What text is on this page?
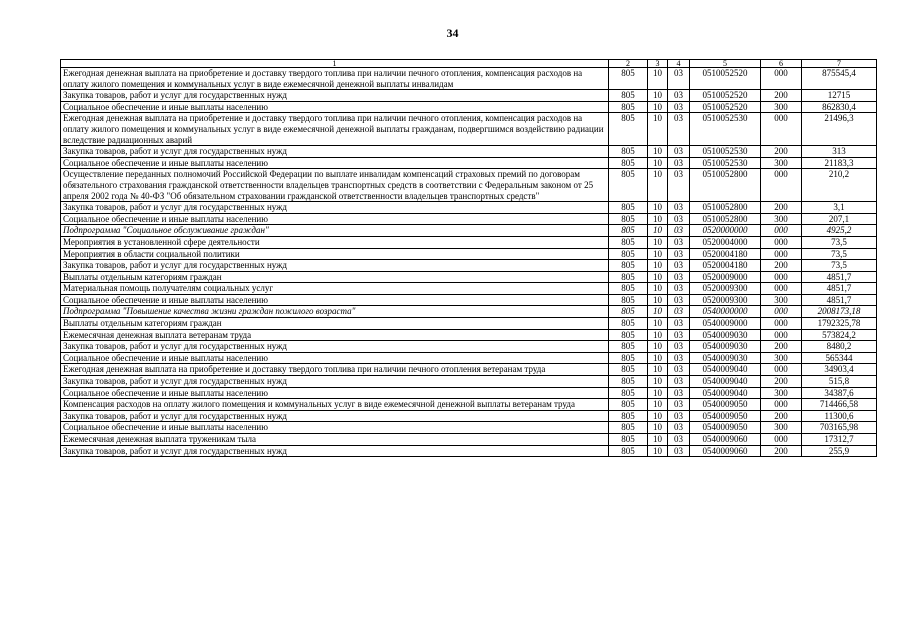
34
1	2	3	4	5	6	7
Ежегодная денежная выплата на приобретение и доставку твердого топлива при наличии печного отопления, компенсация расходов на оплату жилого помещения и коммунальных услуг в виде ежемесячной денежной выплаты инвалидам	805	10	03	0510052520	000	875545,4
Закупка товаров, работ и услуг для государственных нужд	805	10	03	0510052520	200	12715
Социальное обеспечение и иные выплаты населению	805	10	03	0510052520	300	862830,4
Ежегодная денежная выплата на приобретение и доставку твердого топлива при наличии печного отопления, компенсация расходов на оплату жилого помещения и коммунальных услуг в виде ежемесячной денежной выплаты гражданам, подвергшимся воздействию радиации вследствие радиационных аварий	805	10	03	0510052530	000	21496,3
Закупка товаров, работ и услуг для государственных нужд	805	10	03	0510052530	200	313
Социальное обеспечение и иные выплаты населению	805	10	03	0510052530	300	21183,3
Осуществление переданных полномочий Российской Федерации по выплате инвалидам компенсаций страховых премий по договорам обязательного страхования гражданской ответственности владельцев транспортных средств в соответствии с Федеральным законом от 25 апреля 2002 года № 40-ФЗ "Об обязательном страховании гражданской ответственности владельцев транспортных средств"	805	10	03	0510052800	000	210,2
Закупка товаров, работ и услуг для государственных нужд	805	10	03	0510052800	200	3,1
Социальное обеспечение и иные выплаты населению	805	10	03	0510052800	300	207,1
Подпрограмма "Социальное обслуживание граждан"	805	10	03	0520000000	000	4925,2
Мероприятия в установленной сфере деятельности	805	10	03	0520004000	000	73,5
Мероприятия в области социальной политики	805	10	03	0520004180	000	73,5
Закупка товаров, работ и услуг для государственных нужд	805	10	03	0520004180	200	73,5
Выплаты отдельным категориям граждан	805	10	03	0520009000	000	4851,7
Материальная помощь получателям социальных услуг	805	10	03	0520009300	000	4851,7
Социальное обеспечение и иные выплаты населению	805	10	03	0520009300	300	4851,7
Подпрограмма "Повышение качества жизни граждан пожилого возраста"	805	10	03	0540000000	000	2008173,18
Выплаты отдельным категориям граждан	805	10	03	0540009000	000	1792325,78
Ежемесячная денежная выплата ветеранам труда	805	10	03	0540009030	000	573824,2
Закупка товаров, работ и услуг для государственных нужд	805	10	03	0540009030	200	8480,2
Социальное обеспечение и иные выплаты населению	805	10	03	0540009030	300	565344
Ежегодная денежная выплата на приобретение и доставку твердого топлива при наличии печного отопления ветеранам труда	805	10	03	0540009040	000	34903,4
Закупка товаров, работ и услуг для государственных нужд	805	10	03	0540009040	200	515,8
Социальное обеспечение и иные выплаты населению	805	10	03	0540009040	300	34387,6
Компенсация расходов на оплату жилого помещения и коммунальных услуг в виде ежемесячной денежной выплаты ветеранам труда	805	10	03	0540009050	000	714466,58
Закупка товаров, работ и услуг для государственных нужд	805	10	03	0540009050	200	11300,6
Социальное обеспечение и иные выплаты населению	805	10	03	0540009050	300	703165,98
Ежемесячная денежная выплата труженикам тыла	805	10	03	0540009060	000	17312,7
Закупка товаров, работ и услуг для государственных нужд	805	10	03	0540009060	200	255,9
